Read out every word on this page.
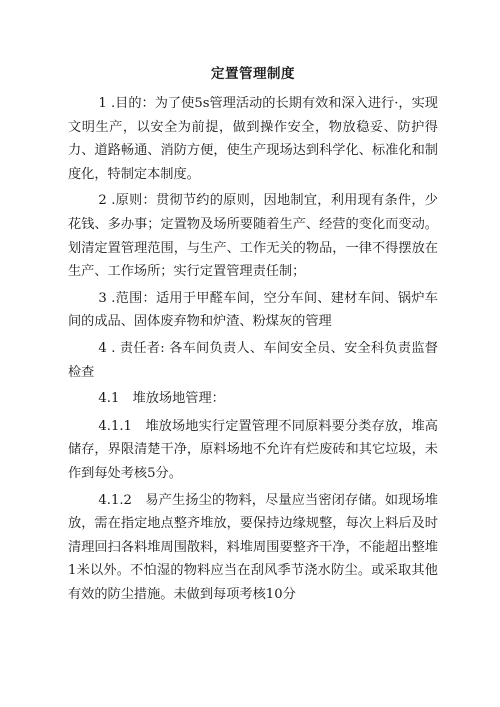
定置管理制度

1 .目的：为了使5s管理活动的长期有效和深入进行·，实现文明生产，以安全为前提，做到操作安全，物放稳妥、防护得力、道路畅通、消防方便，使生产现场达到科学化、标准化和制度化，特制定本制度。

2 .原则：贯彻节约的原则，因地制宜，利用现有条件，少花钱、多办事；定置物及场所要随着生产、经营的变化而变动。划清定置管理范围，与生产、工作无关的物品，一律不得摆放在生产、工作场所；实行定置管理责任制；

3 .范围：适用于甲醛车间，空分车间、建材车间、锅炉车间的成品、固体废弃物和炉渣、粉煤灰的管理

4 . 责任者: 各车间负责人、车间安全员、安全科负责监督检查

4.1　堆放场地管理：

4.1.1　堆放场地实行定置管理不同原料要分类存放，堆高储存，界限清楚干净，原料场地不允许有烂废砖和其它垃圾，未作到每处考核5分。

4.1.2　易产生扬尘的物料，尽量应当密闭存储。如现场堆放，需在指定地点整齐堆放，要保持边缘规整，每次上料后及时清理回扫各料堆周围散料，料堆周围要整齐干净，不能超出整堆1米以外。不怕湿的物料应当在刮风季节浇水防尘。或采取其他有效的防尘措施。未做到每项考核10分
